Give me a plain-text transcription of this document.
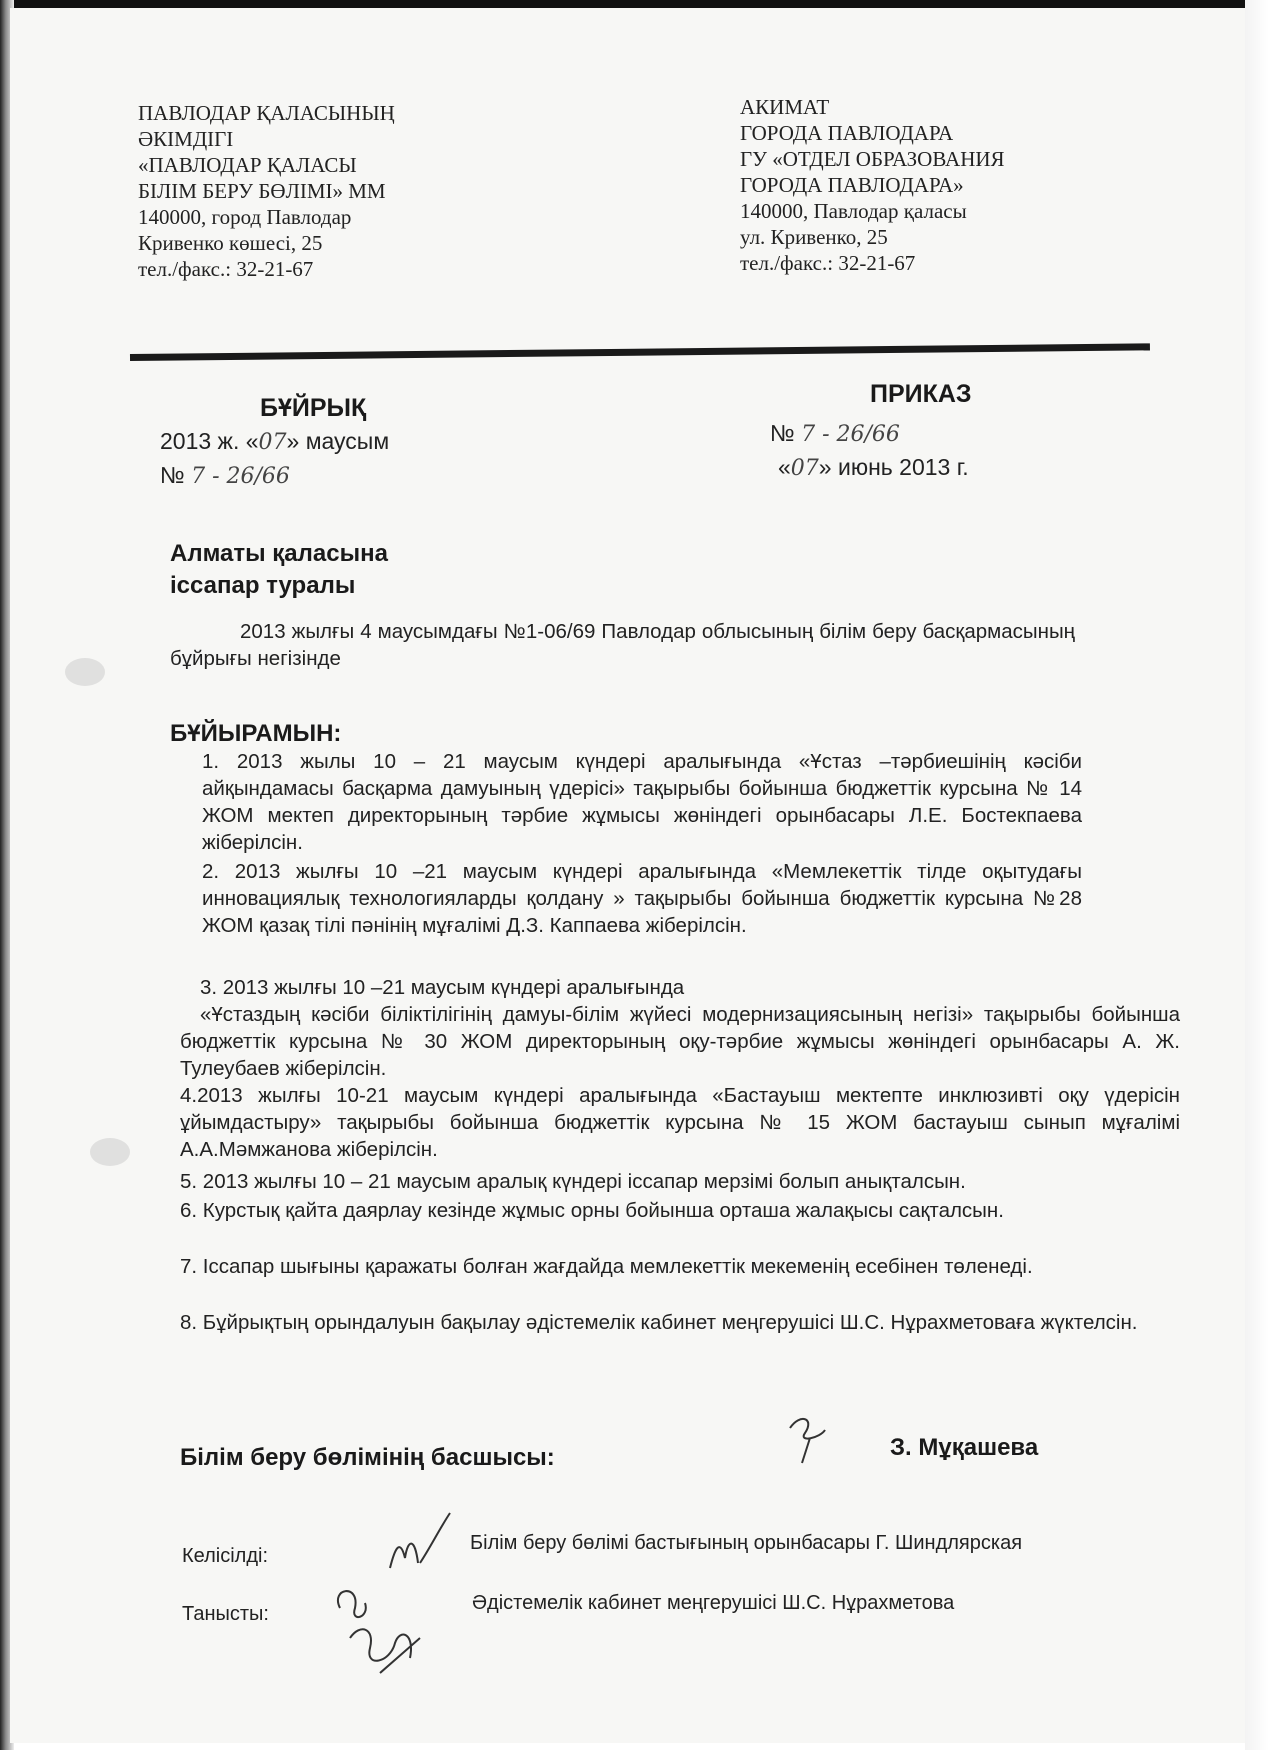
ПАВЛОДАР ҚАЛАСЫНЫҢ
ӘКІМДІГІ
«ПАВЛОДАР ҚАЛАСЫ
БІЛІМ БЕРУ БӨЛІМІ» ММ
140000, город Павлодар
Кривенко көшесі, 25
тел./факс.: 32-21-67
АКИМАТ
ГОРОДА ПАВЛОДАРА
ГУ «ОТДЕЛ ОБРАЗОВАНИЯ
ГОРОДА ПАВЛОДАРА»
140000, Павлодар қаласы
ул. Кривенко, 25
тел./факс.: 32-21-67
БҰЙРЫҚ	ПРИКАЗ
2013 ж. «07» маусым
№ 7 - 26/66
№ 7 - 26/66
«07» июнь 2013 г.
Алматы қаласына
іссапар туралы
2013 жылғы 4 маусымдағы №1-06/69 Павлодар облысының білім беру басқармасының бұйрығы негізінде
БҰЙЫРАМЫН:
1. 2013 жылы 10 – 21 маусым күндері аралығында «Ұстаз –тәрбиешінің кәсіби айқындамасы басқарма дамуының үдерісі» тақырыбы бойынша бюджеттік курсына № 14 ЖОМ мектеп директорының тәрбие жұмысы жөніндегі орынбасары Л.Е. Бостекпаева жіберілсін.
2. 2013 жылғы 10 –21 маусым күндері аралығында «Мемлекеттік тілде оқытудағы инновациялық технологияларды қолдану » тақырыбы бойынша бюджеттік курсына №28 ЖОМ қазақ тілі пәнінің мұғалімі Д.З. Каппаева жіберілсін.
3. 2013 жылғы 10 –21 маусым күндері аралығында
«Ұстаздың кәсіби біліктілігінің дамуы-білім жүйесі модернизациясының негізі» тақырыбы бойынша бюджеттік курсына № 30 ЖОМ директорының оқу-тәрбие жұмысы жөніндегі орынбасары А. Ж. Тулеубаев жіберілсін.
4.2013 жылғы 10-21 маусым күндері аралығында «Бастауыш мектепте инклюзивті оқу үдерісін ұйымдастыру» тақырыбы бойынша бюджеттік курсына № 15 ЖОМ бастауыш сынып мұғалімі А.А.Мәмжанова жіберілсін.
5. 2013 жылғы 10 – 21 маусым аралық күндері іссапар мерзімі болып анықталсын.
6. Курстық қайта даярлау кезінде жұмыс орны бойынша орташа жалақысы сақталсын.
7. Іссапар шығыны қаражаты болған жағдайда мемлекеттік мекеменің есебінен төленеді.
8. Бұйрықтың орындалуын бақылау әдістемелік кабинет меңгерушісі Ш.С. Нұрахметоваға жүктелсін.
Білім беру бөлімінің басшысы:	З. Мұқашева
Келісілді:
Білім беру бөлімі бастығының орынбасары Г. Шиндлярская
Таныcты:	Әдістемелік кабинет меңгерушісі Ш.С. Нұрахметова
